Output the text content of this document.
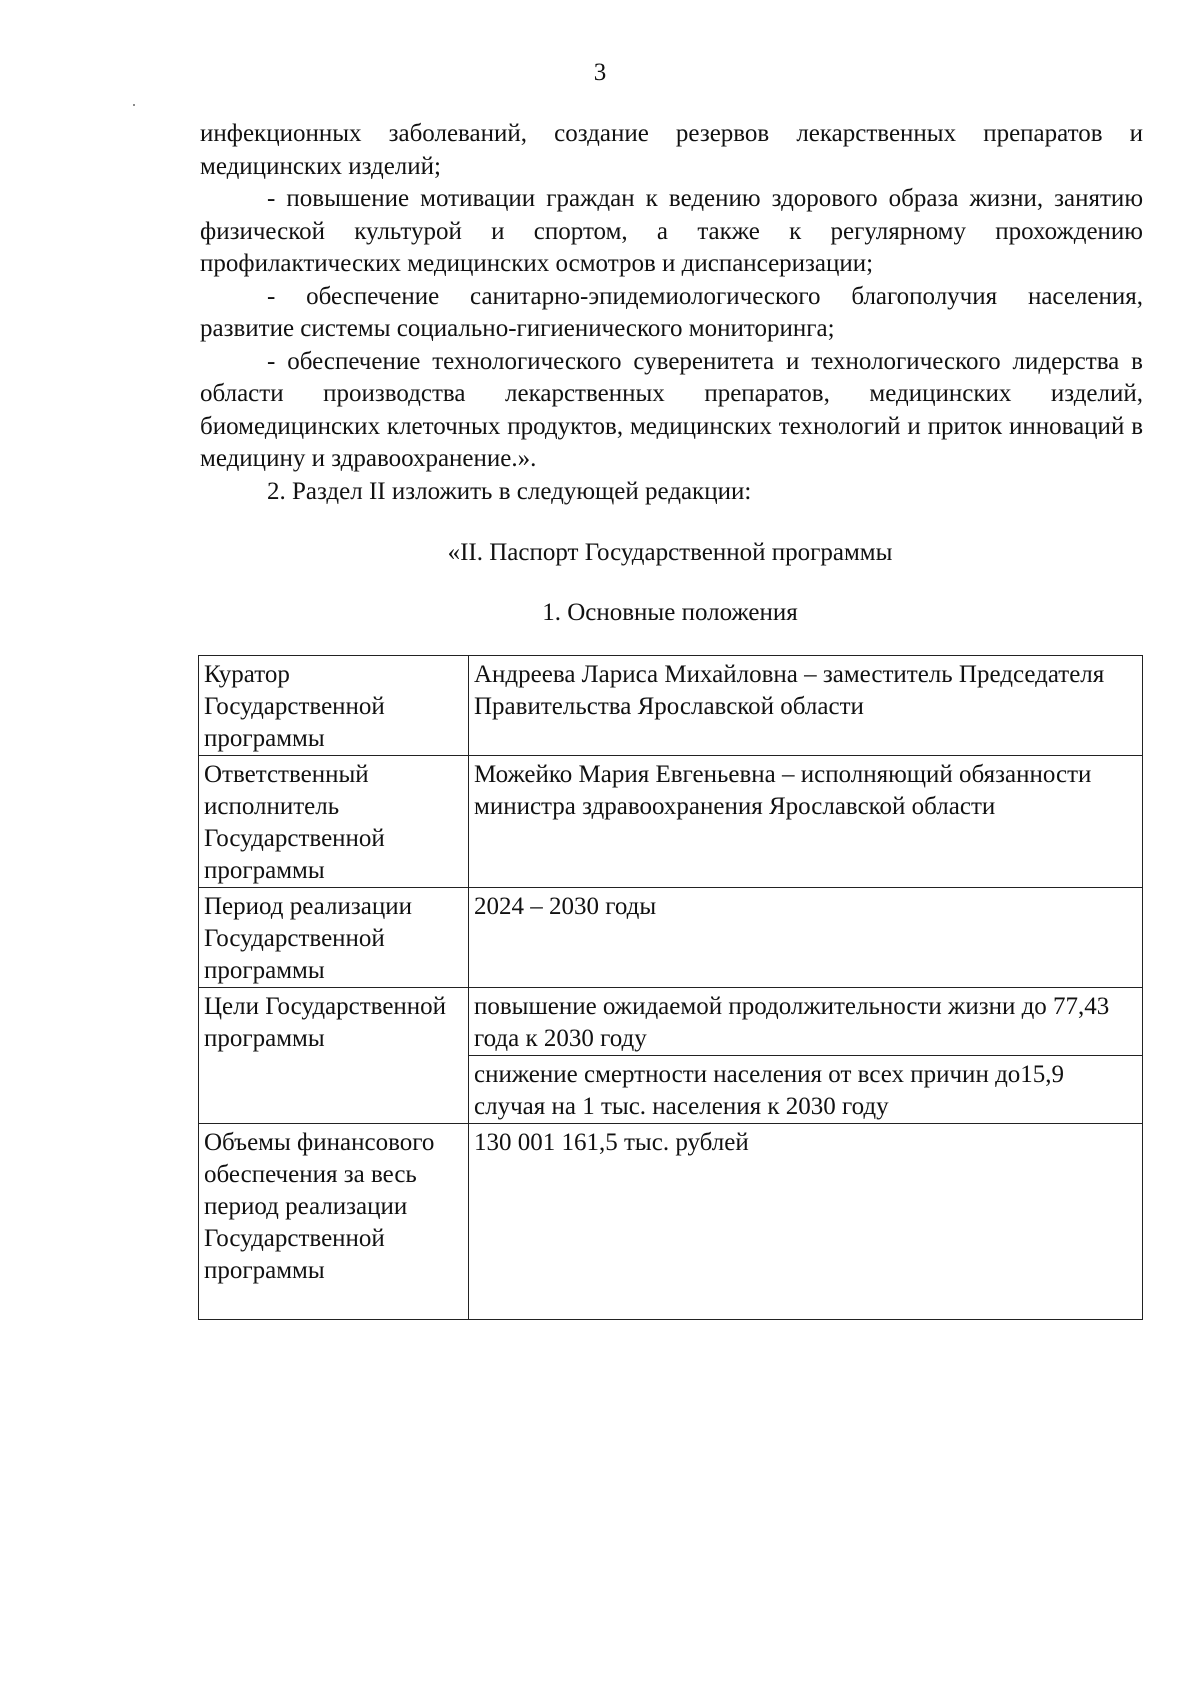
3

инфекционных заболеваний, создание резервов лекарственных препаратов и медицинских изделий;

- повышение мотивации граждан к ведению здорового образа жизни, занятию физической культурой и спортом, а также к регулярному прохождению профилактических медицинских осмотров и диспансеризации;

- обеспечение санитарно-эпидемиологического благополучия населения, развитие системы социально-гигиенического мониторинга;

- обеспечение технологического суверенитета и технологического лидерства в области производства лекарственных препаратов, медицинских изделий, биомедицинских клеточных продуктов, медицинских технологий и приток инноваций в медицину и здравоохранение.».

2. Раздел II изложить в следующей редакции:

«II. Паспорт Государственной программы
1. Основные положения
Куратор Государственной программы	Андреева Лариса Михайловна – заместитель Председателя Правительства Ярославской области
Ответственный исполнитель Государственной программы	Можейко Мария Евгеньевна – исполняющий обязанности министра здравоохранения Ярославской области
Период реализации Государственной программы	2024 – 2030 годы
Цели Государственной программы	повышение ожидаемой продолжительности жизни до 77,43 года к 2030 году
	снижение смертности населения от всех причин до15,9 случая на 1 тыс. населения к 2030 году
Объемы финансового обеспечения за весь период реализации Государственной программы	130 001 161,5 тыс. рублей
